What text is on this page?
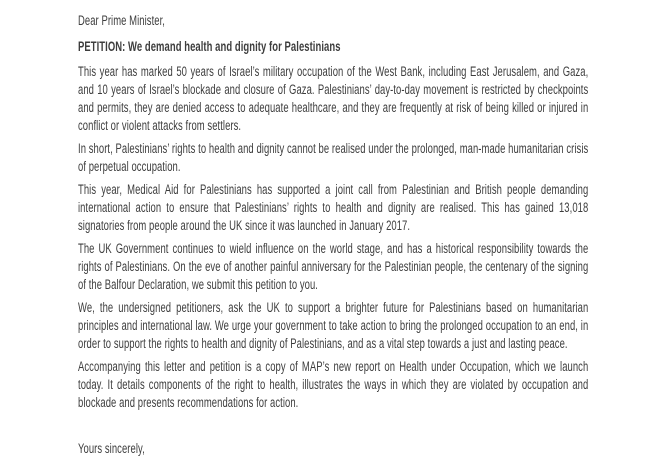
Dear Prime Minister,

PETITION: We demand health and dignity for Palestinians

This year has marked 50 years of Israel’s military occupation of the West Bank, including East Jerusalem, and Gaza, and 10 years of Israel’s blockade and closure of Gaza. Palestinians’ day-to-day movement is restricted by checkpoints and permits, they are denied access to adequate healthcare, and they are frequently at risk of being killed or injured in conflict or violent attacks from settlers.

In short, Palestinians’ rights to health and dignity cannot be realised under the prolonged, man-made humanitarian crisis of perpetual occupation.

This year, Medical Aid for Palestinians has supported a joint call from Palestinian and British people demanding international action to ensure that Palestinians’ rights to health and dignity are realised. This has gained 13,018 signatories from people around the UK since it was launched in January 2017.

The UK Government continues to wield influence on the world stage, and has a historical responsibility towards the rights of Palestinians. On the eve of another painful anniversary for the Palestinian people, the centenary of the signing of the Balfour Declaration, we submit this petition to you.

We, the undersigned petitioners, ask the UK to support a brighter future for Palestinians based on humanitarian principles and international law. We urge your government to take action to bring the prolonged occupation to an end, in order to support the rights to health and dignity of Palestinians, and as a vital step towards a just and lasting peace.

Accompanying this letter and petition is a copy of MAP’s new report on Health under Occupation, which we launch today. It details components of the right to health, illustrates the ways in which they are violated by occupation and blockade and presents recommendations for action.

Yours sincerely,
